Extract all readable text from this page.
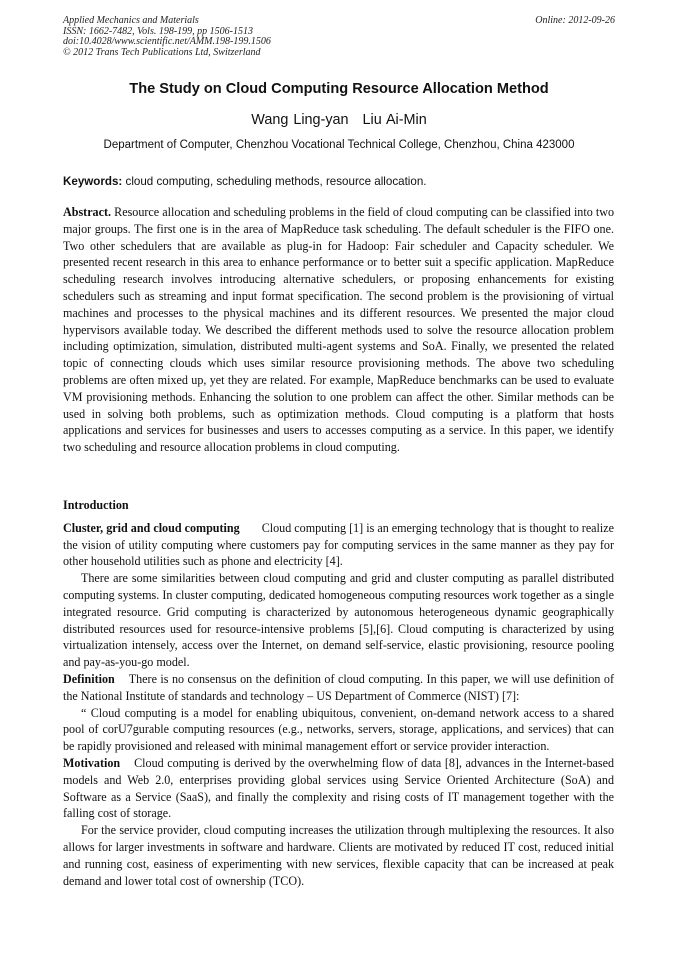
Applied Mechanics and Materials
ISSN: 1662-7482, Vols. 198-199, pp 1506-1513
doi:10.4028/www.scientific.net/AMM.198-199.1506
© 2012 Trans Tech Publications Ltd, Switzerland
Online: 2012-09-26
The Study on Cloud Computing Resource Allocation Method
Wang Ling-yan Liu Ai-Min
Department of Computer, Chenzhou Vocational Technical College, Chenzhou, China 423000
Keywords: cloud computing, scheduling methods, resource allocation.

Abstract. Resource allocation and scheduling problems in the field of cloud computing can be classified into two major groups. The first one is in the area of MapReduce task scheduling. The default scheduler is the FIFO one. Two other schedulers that are available as plug-in for Hadoop: Fair scheduler and Capacity scheduler. We presented recent research in this area to enhance performance or to better suit a specific application. MapReduce scheduling research involves introducing alternative schedulers, or proposing enhancements for existing schedulers such as streaming and input format specification. The second problem is the provisioning of virtual machines and processes to the physical machines and its different resources. We presented the major cloud hypervisors available today. We described the different methods used to solve the resource allocation problem including optimization, simulation, distributed multi-agent systems and SoA. Finally, we presented the related topic of connecting clouds which uses similar resource provisioning methods. The above two scheduling problems are often mixed up, yet they are related. For example, MapReduce benchmarks can be used to evaluate VM provisioning methods. Enhancing the solution to one problem can affect the other. Similar methods can be used in solving both problems, such as optimization methods. Cloud computing is a platform that hosts applications and services for businesses and users to accesses computing as a service. In this paper, we identify two scheduling and resource allocation problems in cloud computing.

Introduction

Cluster, grid and cloud computing Cloud computing [1] is an emerging technology that is thought to realize the vision of utility computing where customers pay for computing services in the same manner as they pay for other household utilities such as phone and electricity [4].

There are some similarities between cloud computing and grid and cluster computing as parallel distributed computing systems. In cluster computing, dedicated homogeneous computing resources work together as a single integrated resource. Grid computing is characterized by autonomous heterogeneous dynamic geographically distributed resources used for resource-intensive problems [5],[6]. Cloud computing is characterized by using virtualization intensely, access over the Internet, on demand self-service, elastic provisioning, resource pooling and pay-as-you-go model.

Definition There is no consensus on the definition of cloud computing. In this paper, we will use definition of the National Institute of standards and technology – US Department of Commerce (NIST) [7]:

“ Cloud computing is a model for enabling ubiquitous, convenient, on-demand network access to a shared pool of corU7gurable computing resources (e.g., networks, servers, storage, applications, and services) that can be rapidly provisioned and released with minimal management effort or service provider interaction.

Motivation Cloud computing is derived by the overwhelming flow of data [8], advances in the Internet-based models and Web 2.0, enterprises providing global services using Service Oriented Architecture (SoA) and Software as a Service (SaaS), and finally the complexity and rising costs of IT management together with the falling cost of storage.

For the service provider, cloud computing increases the utilization through multiplexing the resources. It also allows for larger investments in software and hardware. Clients are motivated by reduced IT cost, reduced initial and running cost, easiness of experimenting with new services, flexible capacity that can be increased at peak demand and lower total cost of ownership (TCO).
